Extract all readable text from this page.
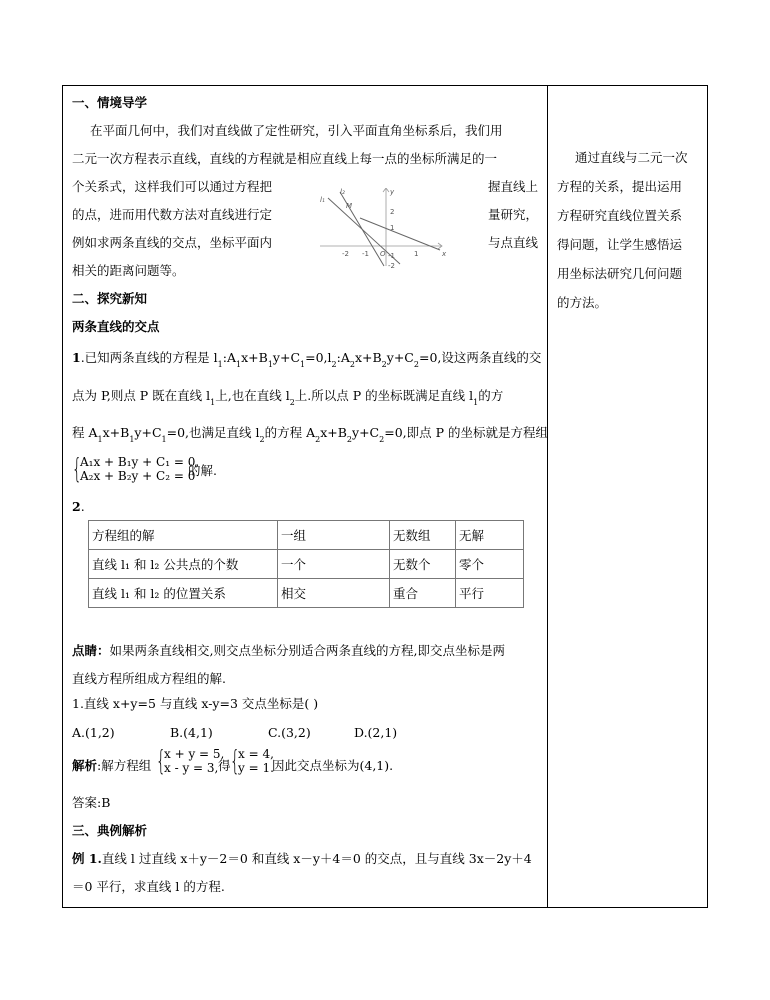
一、情境导学
在平面几何中，我们对直线做了定性研究，引入平面直角坐标系后，我们用
二元一次方程表示直线，直线的方程就是相应直线上每一点的坐标所满足的一
个关系式，这样我们可以通过方程把	握直线上
的点，进而用代数方法对直线进行定	量研究，
例如求两条直线的交点，坐标平面内	与点直线
相关的距离问题等。
l₁
l₂
M
O	x
y
2
1
-1
-2
-2 -1	1
二、探究新知
两条直线的交点
1.已知两条直线的方程是 $l_1:A_1x+B_1y+C_1=0,l_2:A_2x+B_2y+C_2=0$,设这两条直线的交
点为 P,则点 P 既在直线 $l_1$上,也在直线 $l_2$上.所以点 P 的坐标既满足直线 $l_1$的方
程 $A_1x+B_1y+C_1=0$,也满足直线 $l_2$的方程 $A_2x+B_2y+C_2=0$,即点 P 的坐标就是方程组
{
A₁x + B₁y + C₁ = 0,
A₂x + B₂y + C₂ = 0
的解.
2.
方程组的解	一组	无数组	无解
直线 l₁ 和 l₂ 公共点的个数	一个	无数个	零个
直线 l₁ 和 l₂ 的位置关系	相交	重合	平行
点睛：如果两条直线相交,则交点坐标分别适合两条直线的方程,即交点坐标是两
直线方程所组成方程组的解.
1.直线 x+y=5 与直线 x-y=3 交点坐标是( )
A.(1,2)	B.(4,1)	C.(3,2)	D.(2,1)
解析:解方程组 {
x + y = 5,
x - y = 3, 得 {
x = 4,
y = 1.
因此交点坐标为(4,1).
答案:B
三、典例解析
例 1.直线 l 过直线 x＋y－2＝0 和直线 x－y＋4＝0 的交点，且与直线 3x－2y＋4
＝0 平行，求直线 l 的方程.
通过直线与二元一次
方程的关系，提出运用
方程研究直线位置关系
得问题，让学生感悟运
用坐标法研究几何问题
的方法。
